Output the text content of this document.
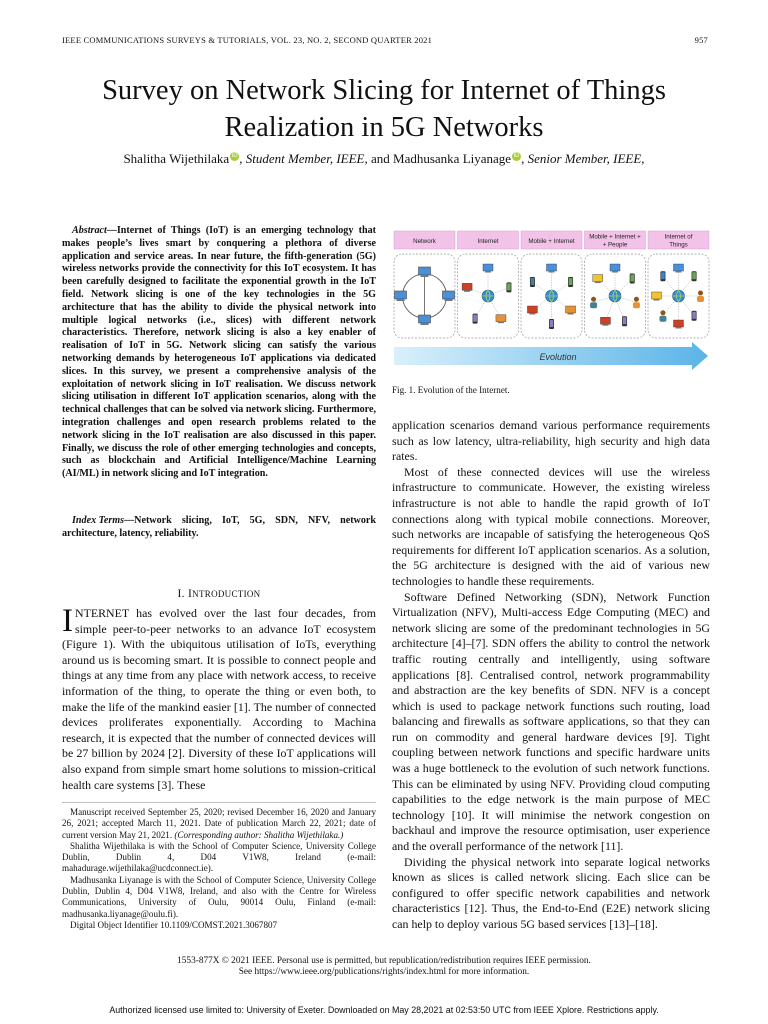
IEEE COMMUNICATIONS SURVEYS & TUTORIALS, VOL. 23, NO. 2, SECOND QUARTER 2021	957
Survey on Network Slicing for Internet of Things
Realization in 5G Networks
Shalitha Wijethilaka iD , Student Member, IEEE, and Madhusanka Liyanage iD , Senior Member, IEEE,
Abstract—Internet of Things (IoT) is an emerging technology that makes people’s lives smart by conquering a plethora of diverse application and service areas. In near future, the fifth-generation (5G) wireless networks provide the connectivity for this IoT ecosystem. It has been carefully designed to facilitate the exponential growth in the IoT field. Network slicing is one of the key technologies in the 5G architecture that has the ability to divide the physical network into multiple logical networks (i.e., slices) with different network characteristics. Therefore, network slicing is also a key enabler of realisation of IoT in 5G. Network slicing can satisfy the various networking demands by heterogeneous IoT applications via dedicated slices. In this survey, we present a comprehensive analysis of the exploitation of network slicing in IoT realisation. We discuss network slicing utilisation in different IoT application scenarios, along with the technical challenges that can be solved via network slicing. Furthermore, integration challenges and open research problems related to the network slicing in the IoT realisation are also discussed in this paper. Finally, we discuss the role of other emerging technologies and concepts, such as blockchain and Artificial Intelligence/Machine Learning (AI/ML) in network slicing and IoT integration.
Index Terms—Network slicing, IoT, 5G, SDN, NFV, network architecture, latency, reliability.
I. INTRODUCTION
INTERNET has evolved over the last four decades, from simple peer-to-peer networks to an advance IoT ecosystem (Figure 1). With the ubiquitous utilisation of IoTs, everything around us is becoming smart. It is possible to connect people and things at any time from any place with network access, to receive information of the thing, to operate the thing or even both, to make the life of the mankind easier [1]. The number of connected devices proliferates exponentially. According to Machina research, it is expected that the number of connected devices will be 27 billion by 2024 [2]. Diversity of these IoT applications will also expand from simple smart home solutions to mission-critical health care systems [3]. These

Manuscript received September 25, 2020; revised December 16, 2020 and January 26, 2021; accepted March 11, 2021. Date of publication March 22, 2021; date of current version May 21, 2021. (Corresponding author: Shalitha Wijethilaka.)

Shalitha Wijethilaka is with the School of Computer Science, University College Dublin, Dublin 4, D04 V1W8, Ireland (e-mail: mahadurage.wijethilaka@ucdconnect.ie).

Madhusanka Liyanage is with the School of Computer Science, University College Dublin, Dublin 4, D04 V1W8, Ireland, and also with the Centre for Wireless Communications, University of Oulu, 90014 Oulu, Finland (e-mail: madhusanka.liyanage@oulu.fi).

Digital Object Identifier 10.1109/COMST.2021.3067807

Network	Internet	Mobile + Internet
Mobile + Internet +
+ People
Internet of
Things
Evolution
Fig. 1. Evolution of the Internet.

application scenarios demand various performance requirements such as low latency, ultra-reliability, high security and high data rates.

Most of these connected devices will use the wireless infrastructure to communicate. However, the existing wireless infrastructure is not able to handle the rapid growth of IoT connections along with typical mobile connections. Moreover, such networks are incapable of satisfying the heterogeneous QoS requirements for different IoT application scenarios. As a solution, the 5G architecture is designed with the aid of various new technologies to handle these requirements.

Software Defined Networking (SDN), Network Function Virtualization (NFV), Multi-access Edge Computing (MEC) and network slicing are some of the predominant technologies in 5G architecture [4]–[7]. SDN offers the ability to control the network traffic routing centrally and intelligently, using software applications [8]. Centralised control, network programmability and abstraction are the key benefits of SDN. NFV is a concept which is used to package network functions such routing, load balancing and firewalls as software applications, so that they can run on commodity and general hardware devices [9]. Tight coupling between network functions and specific hardware units was a huge bottleneck to the evolution of such network functions. This can be eliminated by using NFV. Providing cloud computing capabilities to the edge network is the main purpose of MEC technology [10]. It will minimise the network congestion on backhaul and improve the resource optimisation, user experience and the overall performance of the network [11].

Dividing the physical network into separate logical networks known as slices is called network slicing. Each slice can be configured to offer specific network capabilities and network characteristics [12]. Thus, the End-to-End (E2E) network slicing can help to deploy various 5G based services [13]–[18].

1553-877X © 2021 IEEE. Personal use is permitted, but republication/redistribution requires IEEE permission.
See https://www.ieee.org/publications/rights/index.html for more information.
Authorized licensed use limited to: University of Exeter. Downloaded on May 28,2021 at 02:53:50 UTC from IEEE Xplore. Restrictions apply.
